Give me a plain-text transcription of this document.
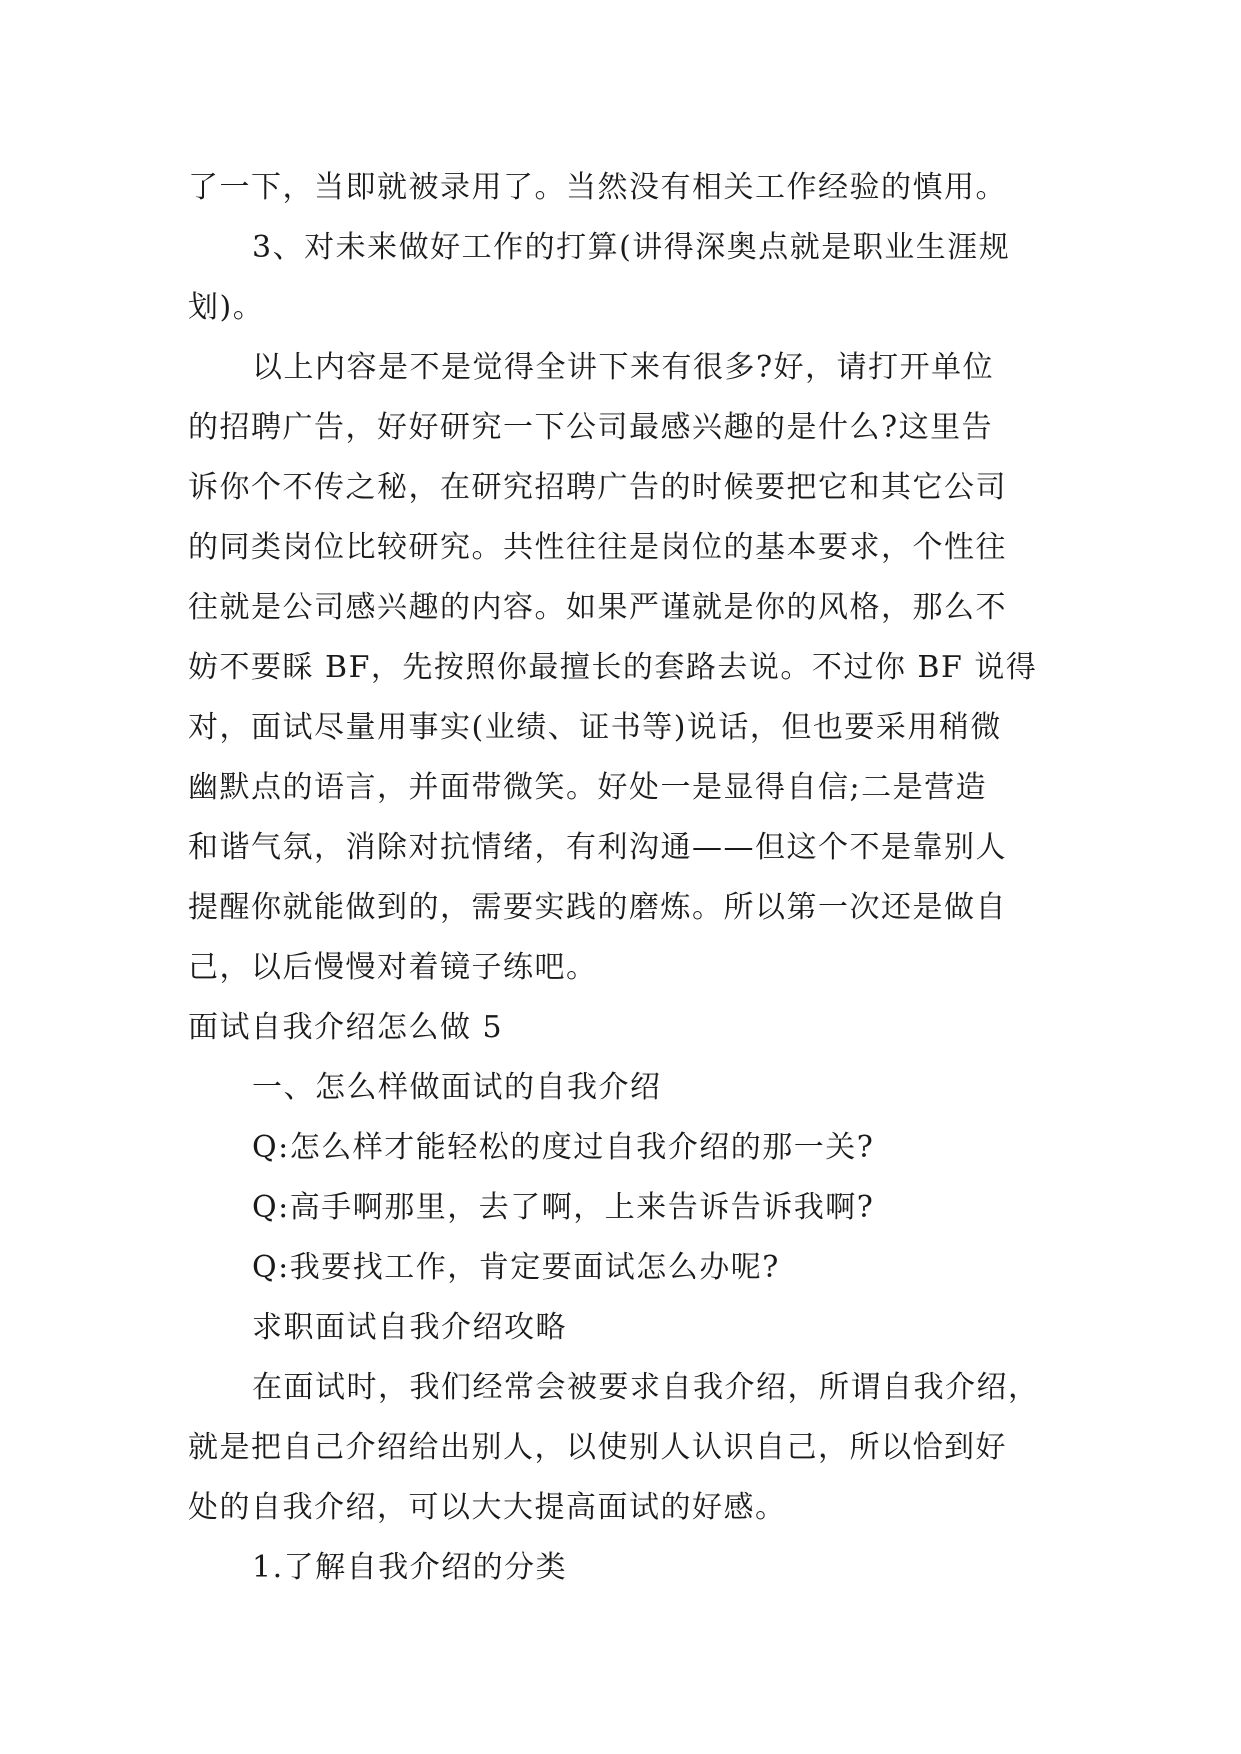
了一下，当即就被录用了。当然没有相关工作经验的慎用。
3、对未来做好工作的打算(讲得深奥点就是职业生涯规
划)。
以上内容是不是觉得全讲下来有很多?好，请打开单位
的招聘广告，好好研究一下公司最感兴趣的是什么?这里告
诉你个不传之秘，在研究招聘广告的时候要把它和其它公司
的同类岗位比较研究。共性往往是岗位的基本要求，个性往
往就是公司感兴趣的内容。如果严谨就是你的风格，那么不
妨不要睬 BF，先按照你最擅长的套路去说。不过你 BF 说得
对，面试尽量用事实(业绩、证书等)说话，但也要采用稍微
幽默点的语言，并面带微笑。好处一是显得自信;二是营造
和谐气氛，消除对抗情绪，有利沟通——但这个不是靠别人
提醒你就能做到的，需要实践的磨炼。所以第一次还是做自
己，以后慢慢对着镜子练吧。
面试自我介绍怎么做 5
一、怎么样做面试的自我介绍
Q:怎么样才能轻松的度过自我介绍的那一关?
Q:高手啊那里，去了啊，上来告诉告诉我啊?
Q:我要找工作，肯定要面试怎么办呢?
求职面试自我介绍攻略
在面试时，我们经常会被要求自我介绍，所谓自我介绍，
就是把自己介绍给出别人，以使别人认识自己，所以恰到好
处的自我介绍，可以大大提高面试的好感。
1.了解自我介绍的分类
